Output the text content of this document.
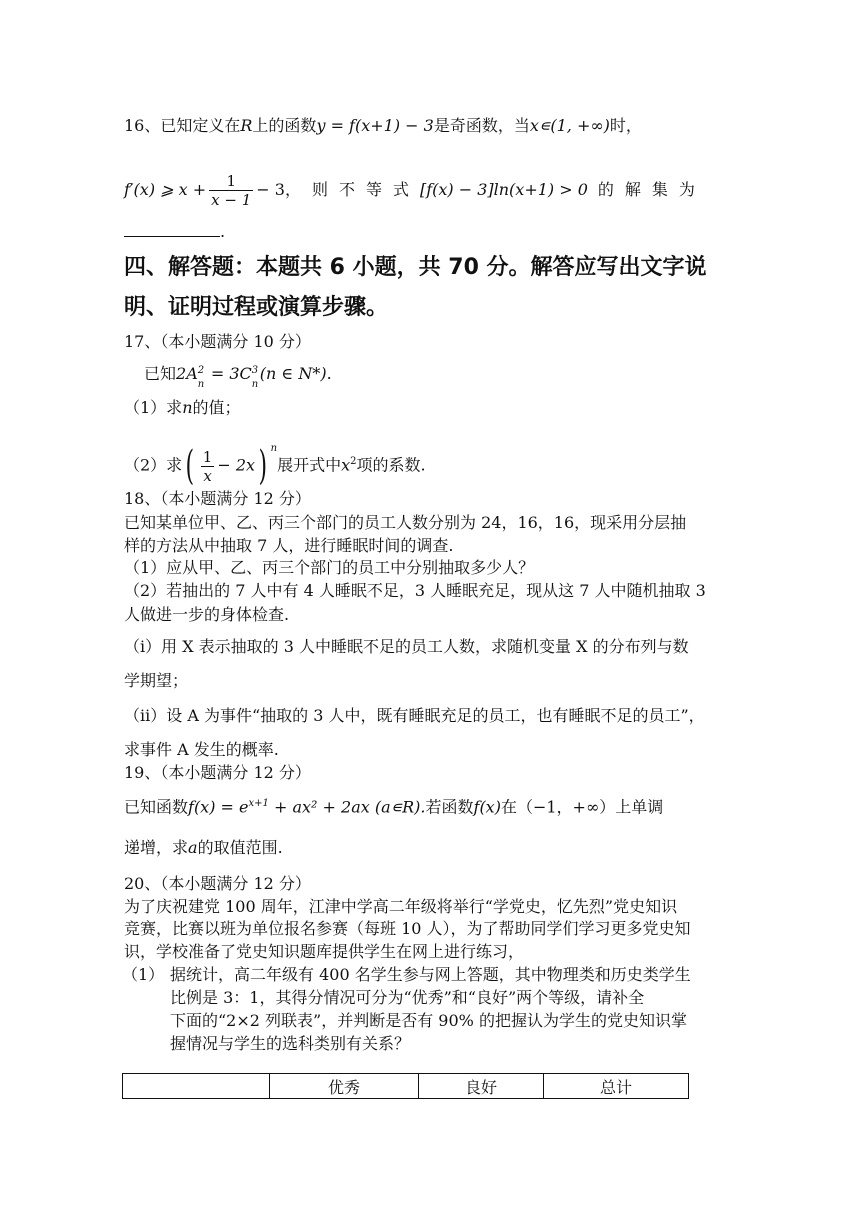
16、已知定义在R上的函数y = f(x+1) − 3是奇函数，当x∊(1, +∞)时，
f′(x) ⩾ $x + \frac{1}{x - 1} - 3$，则不等式[f(x) − 3]ln(x+1) > 0 的解集为
.
四、解答题：本题共 6 小题，共 70 分。解答应写出文字说
明、证明过程或演算步骤。
17、（本小题满分 10 分）
已知2A 2
n
= 3C 3
n
(n ∈ N*).
（1）求n的值；
（2）求( $\frac{1}{x} - 2x$) $^n$展开式中$x^2$项的系数.
18、（本小题满分 12 分）
已知某单位甲、乙、丙三个部门的员工人数分别为 24，16，16，现采用分层抽
样的方法从中抽取 7 人，进行睡眠时间的调查.
（1）应从甲、乙、丙三个部门的员工中分别抽取多少人？
（2）若抽出的 7 人中有 4 人睡眠不足，3 人睡眠充足，现从这 7 人中随机抽取 3
人做进一步的身体检查.
（i）用 X 表示抽取的 3 人中睡眠不足的员工人数，求随机变量 X 的分布列与数
学期望；
（ii）设 A 为事件“抽取的 3 人中，既有睡眠充足的员工，也有睡眠不足的员工”，
求事件 A 发生的概率.
19、（本小题满分 12 分）
已知函数$f(x) = e^{x+1} + ax^2 + 2ax$ (a∊R).若函数f(x)在（−1，+∞）上单调
递增，求a的取值范围.
20、（本小题满分 12 分）
为了庆祝建党 100 周年，江津中学高二年级将举行“学党史，忆先烈”党史知识
竞赛，比赛以班为单位报名参赛（每班 10 人），为了帮助同学们学习更多党史知
识，学校准备了党史知识题库提供学生在网上进行练习，
（1） 据统计，高二年级有 400 名学生参与网上答题，其中物理类和历史类学生
比例是 3：1，其得分情况可分为“优秀”和“良好”两个等级，请补全
下面的“2×2 列联表”，并判断是否有 90% 的把握认为学生的党史知识掌
握情况与学生的选科类别有关系？
	优秀	良好	总计
